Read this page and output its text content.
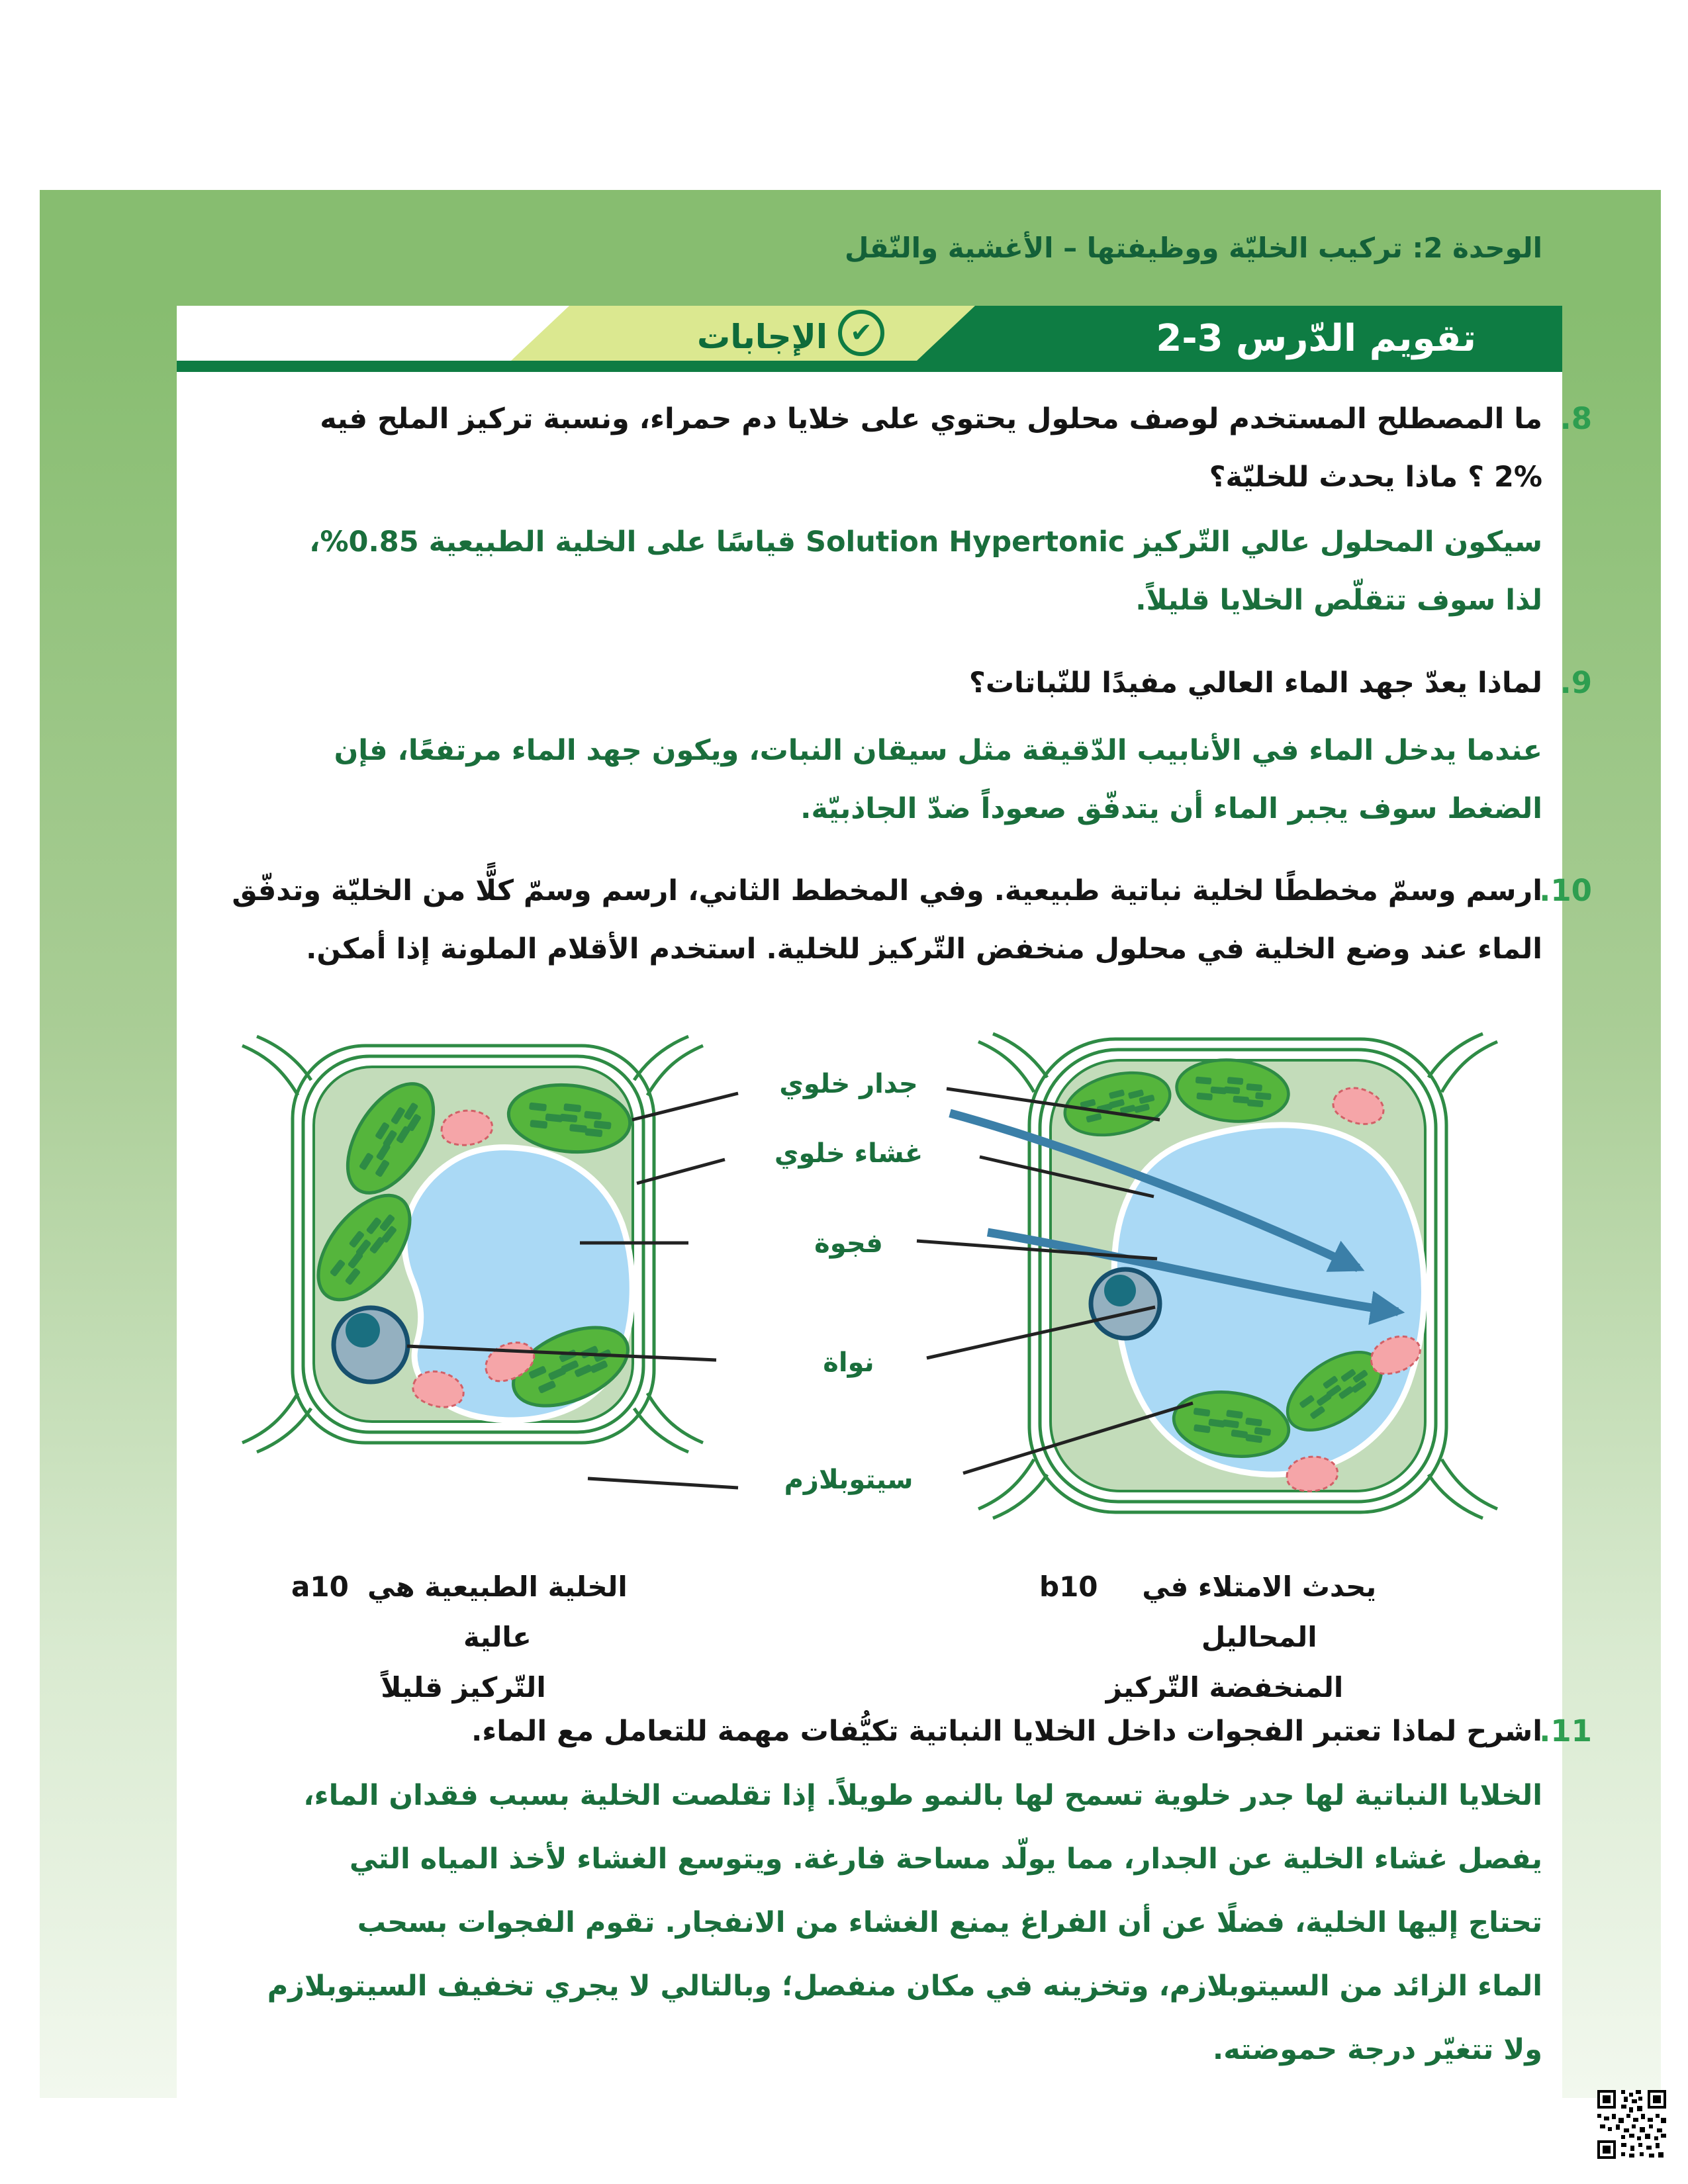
الوحدة 2: تركيب الخليّة ووظيفتها – الأغشية والنّقل
تقويم الدّرس 3-2
الإجابات ✔
8.
ما المصطلح المستخدم لوصف محلول يحتوي على خلايا دم حمراء، ونسبة تركيز الملح فيه
2% ؟ ماذا يحدث للخليّة؟
سيكون المحلول عالي التّركيز Solution Hypertonic قياسًا على الخلية الطبيعية 0.85%،
لذا سوف تتقلّص الخلايا قليلاً.
9.
لماذا يعدّ جهد الماء العالي مفيدًا للنّباتات؟
عندما يدخل الماء في الأنابيب الدّقيقة مثل سيقان النبات، ويكون جهد الماء مرتفعًا، فإن
الضغط سوف يجبر الماء أن يتدفّق صعوداً ضدّ الجاذبيّة.
10.
ارسم وسمّ مخططًا لخلية نباتية طبيعية. وفي المخطط الثاني، ارسم وسمّ كلًّا من الخليّة وتدفّق
الماء عند وضع الخلية في محلول منخفض التّركيز للخلية. استخدم الأقلام الملونة إذا أمكن.
جدار خلوي
غشاء خلوي
فجوة
نواة
سيتوبلازم
a10 الخلية الطبيعية هي عالية
التّركيز قليلاً
b10	يحدث الامتلاء في المحاليل
المنخفضة التّركيز
11.
اشرح لماذا تعتبر الفجوات داخل الخلايا النباتية تكيُّفات مهمة للتعامل مع الماء.
الخلايا النباتية لها جدر خلوية تسمح لها بالنمو طويلاً. إذا تقلصت الخلية بسبب فقدان الماء،
يفصل غشاء الخلية عن الجدار، مما يولّد مساحة فارغة. ويتوسع الغشاء لأخذ المياه التي
تحتاج إليها الخلية، فضلًا عن أن الفراغ يمنع الغشاء من الانفجار. تقوم الفجوات بسحب
الماء الزائد من السيتوبلازم، وتخزينه في مكان منفصل؛ وبالتالي لا يجري تخفيف السيتوبلازم
ولا تتغيّر درجة حموضته.
